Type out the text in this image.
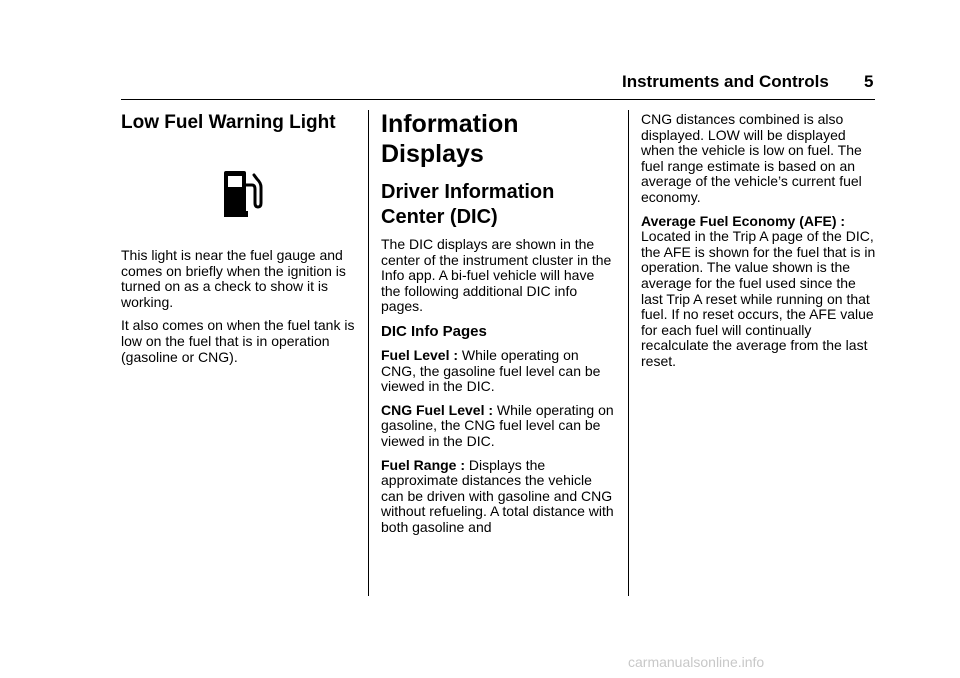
Instruments and Controls 5
Low Fuel Warning Light

This light is near the fuel gauge and comes on briefly when the ignition is turned on as a check to show it is working.

It also comes on when the fuel tank is low on the fuel that is in operation (gasoline or CNG).

Information Displays
Driver Information Center (DIC)

The DIC displays are shown in the center of the instrument cluster in the Info app. A bi-fuel vehicle will have the following additional DIC info pages.

DIC Info Pages

Fuel Level : While operating on CNG, the gasoline fuel level can be viewed in the DIC.

CNG Fuel Level : While operating on gasoline, the CNG fuel level can be viewed in the DIC.

Fuel Range : Displays the approximate distances the vehicle can be driven with gasoline and CNG without refueling. A total distance with both gasoline and

CNG distances combined is also displayed. LOW will be displayed when the vehicle is low on fuel. The fuel range estimate is based on an average of the vehicle’s current fuel economy.

Average Fuel Economy (AFE) : Located in the Trip A page of the DIC, the AFE is shown for the fuel that is in operation. The value shown is the average for the fuel used since the last Trip A reset while running on that fuel. If no reset occurs, the AFE value for each fuel will continually recalculate the average from the last reset.

carmanualsonline.info
